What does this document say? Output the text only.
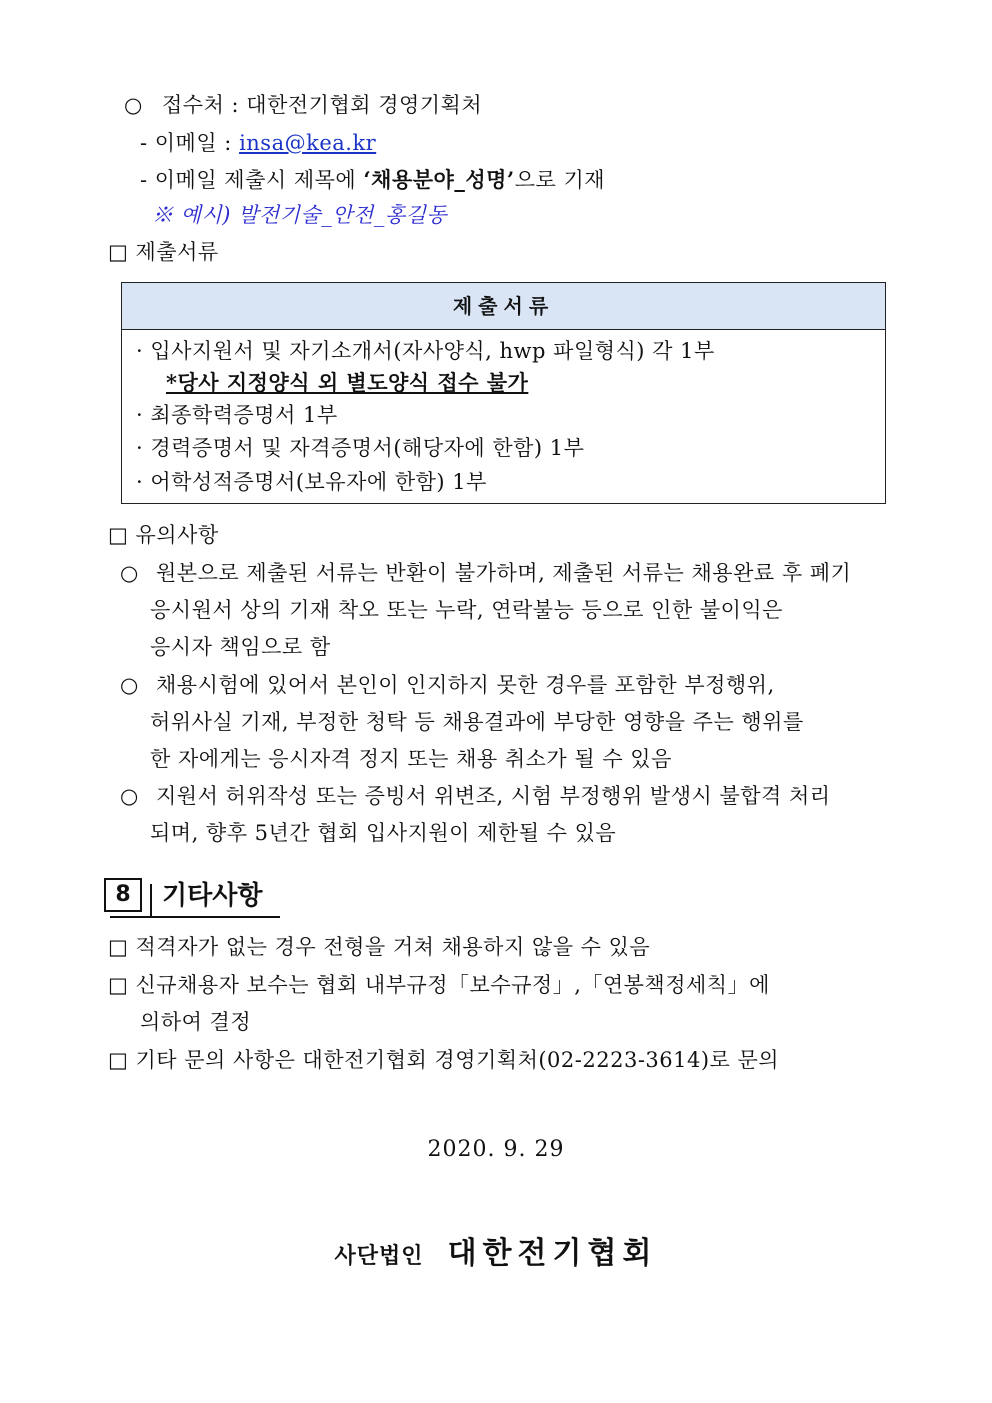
○ 접수처 : 대한전기협회 경영기획처
- 이메일 : insa@kea.kr
- 이메일 제출시 제목에 ‘채용분야_성명’으로 기재
※ 예시) 발전기술_안전_홍길동
□ 제출서류
제출서류
· 입사지원서 및 자기소개서(자사양식, hwp 파일형식) 각 1부
*당사 지정양식 외 별도양식 접수 불가
· 최종학력증명서 1부
· 경력증명서 및 자격증명서(해당자에 한함) 1부
· 어학성적증명서(보유자에 한함) 1부
□ 유의사항
○ 원본으로 제출된 서류는 반환이 불가하며, 제출된 서류는 채용완료 후 폐기
응시원서 상의 기재 착오 또는 누락, 연락불능 등으로 인한 불이익은
응시자 책임으로 함
○ 채용시험에 있어서 본인이 인지하지 못한 경우를 포함한 부정행위,
허위사실 기재, 부정한 청탁 등 채용결과에 부당한 영향을 주는 행위를
한 자에게는 응시자격 정지 또는 채용 취소가 될 수 있음
○ 지원서 허위작성 또는 증빙서 위변조, 시험 부정행위 발생시 불합격 처리
되며, 향후 5년간 협회 입사지원이 제한될 수 있음
8	기타사항
□ 적격자가 없는 경우 전형을 거쳐 채용하지 않을 수 있음
□ 신규채용자 보수는 협회 내부규정「보수규정」,「연봉책정세칙」에
의하여 결정
□ 기타 문의 사항은 대한전기협회 경영기획처(02-2223-3614)로 문의
2020. 9. 29
사단법인 대한전기협회
